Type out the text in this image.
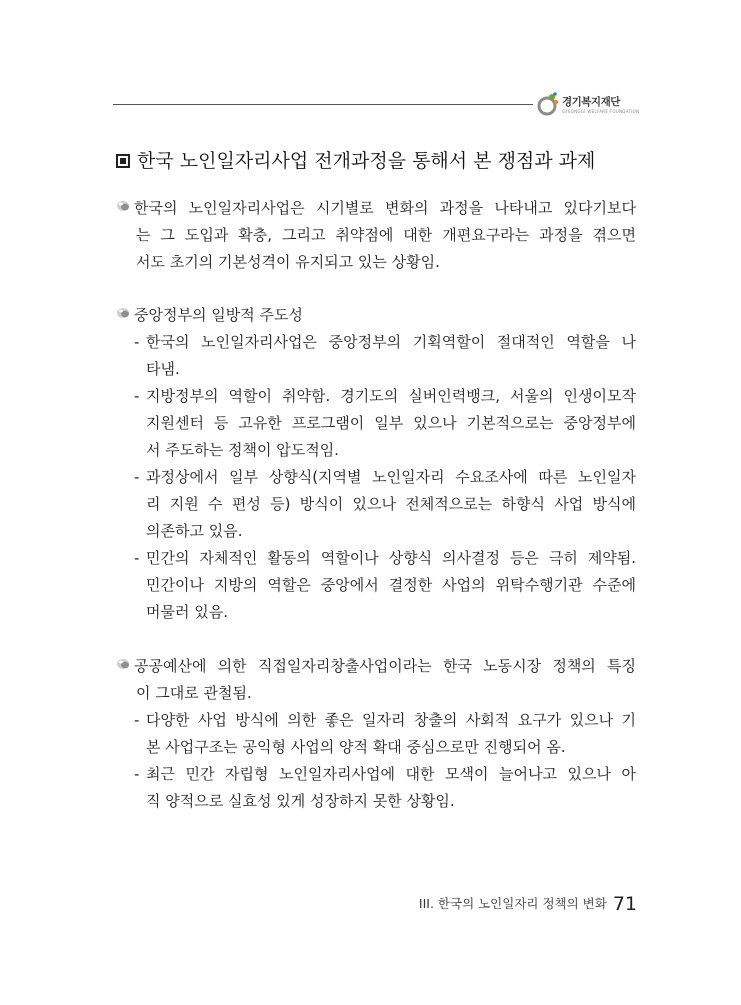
경기복지재단
GYEONGGI WELFARE FOUNDATION
한국 노인일자리사업 전개과정을 통해서 본 쟁점과 과제
한국의 노인일자리사업은 시기별로 변화의 과정을 나타내고 있다기보다
는 그 도입과 확충, 그리고 취약점에 대한 개편요구라는 과정을 겪으면
서도 초기의 기본성격이 유지되고 있는 상황임.
중앙정부의 일방적 주도성
- 한국의 노인일자리사업은 중앙정부의 기획역할이 절대적인 역할을 나
타냄.
- 지방정부의 역할이 취약함. 경기도의 실버인력뱅크, 서울의 인생이모작
지원센터 등 고유한 프로그램이 일부 있으나 기본적으로는 중앙정부에
서 주도하는 정책이 압도적임.
- 과정상에서 일부 상향식(지역별 노인일자리 수요조사에 따른 노인일자
리 지원 수 편성 등) 방식이 있으나 전체적으로는 하향식 사업 방식에
의존하고 있음.
- 민간의 자체적인 활동의 역할이나 상향식 의사결정 등은 극히 제약됨.
민간이나 지방의 역할은 중앙에서 결정한 사업의 위탁수행기관 수준에
머물러 있음.
공공예산에 의한 직접일자리창출사업이라는 한국 노동시장 정책의 특징
이 그대로 관철됨.
- 다양한 사업 방식에 의한 좋은 일자리 창출의 사회적 요구가 있으나 기
본 사업구조는 공익형 사업의 양적 확대 중심으로만 진행되어 옴.
- 최근 민간 자립형 노인일자리사업에 대한 모색이 늘어나고 있으나 아
직 양적으로 실효성 있게 성장하지 못한 상황임.
III. 한국의 노인일자리 정책의 변화 71
